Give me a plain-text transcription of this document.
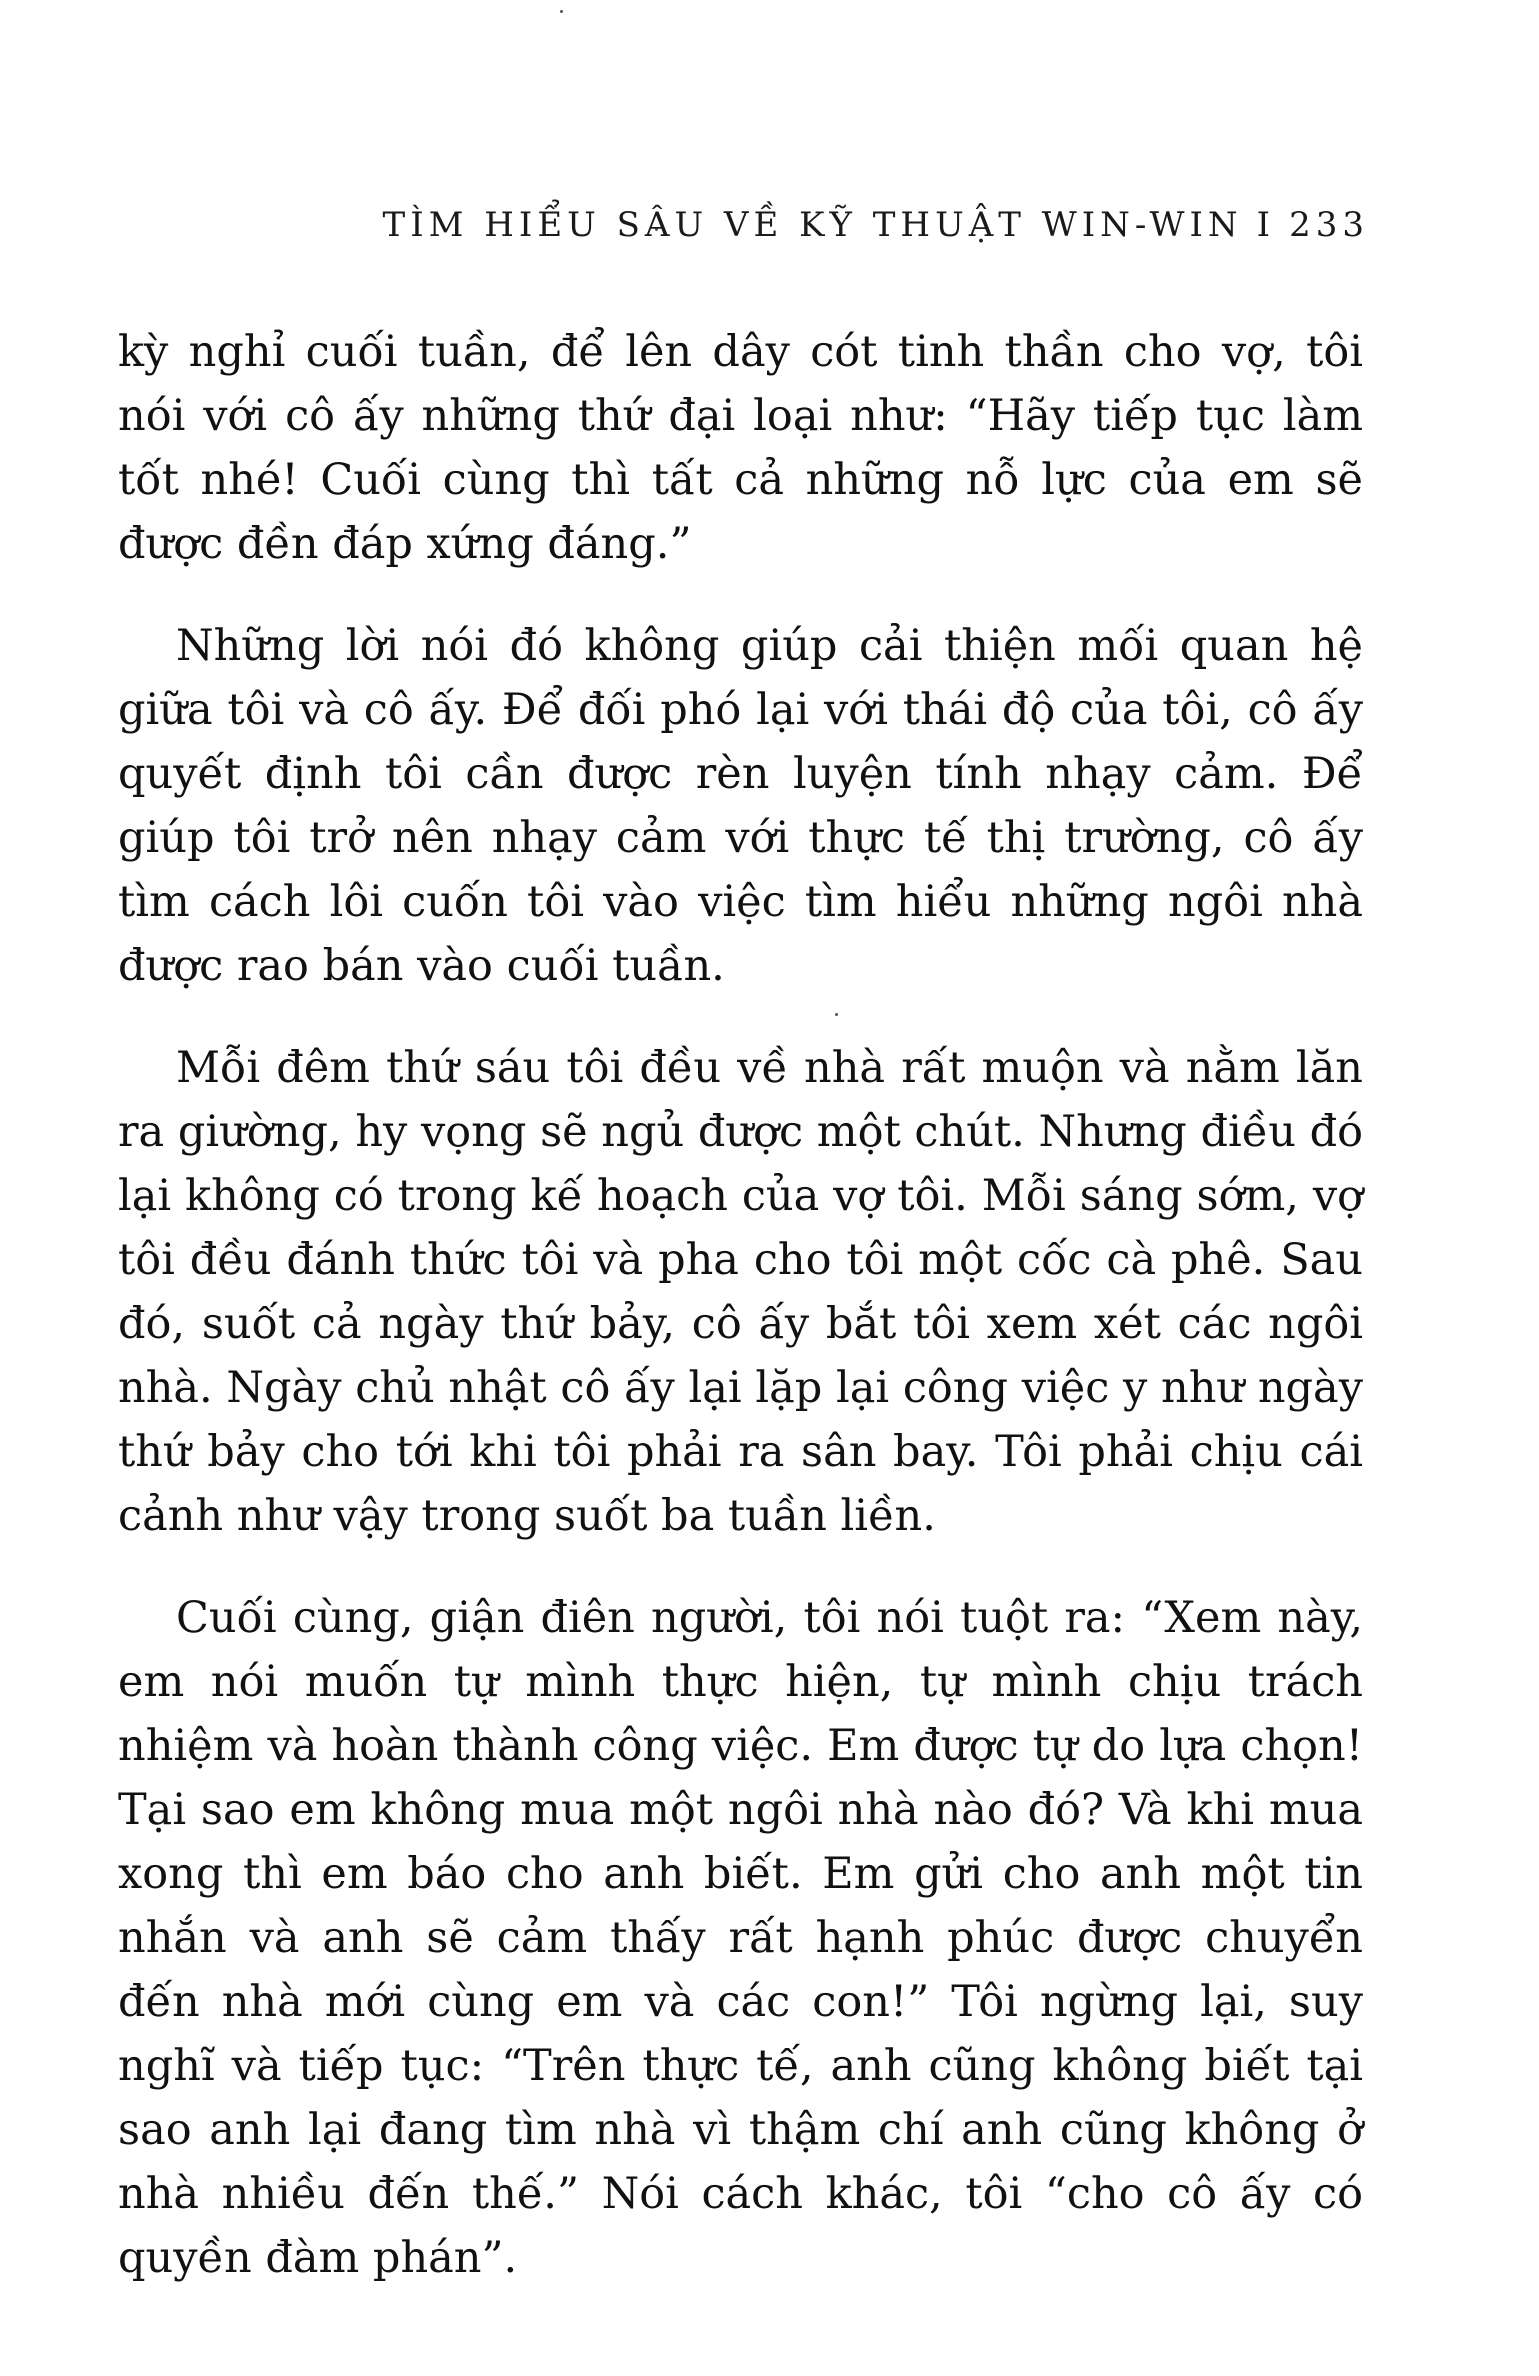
TÌM HIỂU SÂU VỀ KỸ THUẬT WIN-WIN I 233

kỳ nghỉ cuối tuần, để lên dây cót tinh thần cho vợ, tôi nói với cô ấy những thứ đại loại như: “Hãy tiếp tục làm tốt nhé! Cuối cùng thì tất cả những nỗ lực của em sẽ được đền đáp xứng đáng.”

Những lời nói đó không giúp cải thiện mối quan hệ giữa tôi và cô ấy. Để đối phó lại với thái độ của tôi, cô ấy quyết định tôi cần được rèn luyện tính nhạy cảm. Để giúp tôi trở nên nhạy cảm với thực tế thị trường, cô ấy tìm cách lôi cuốn tôi vào việc tìm hiểu những ngôi nhà được rao bán vào cuối tuần.

Mỗi đêm thứ sáu tôi đều về nhà rất muộn và nằm lăn ra giường, hy vọng sẽ ngủ được một chút. Nhưng điều đó lại không có trong kế hoạch của vợ tôi. Mỗi sáng sớm, vợ tôi đều đánh thức tôi và pha cho tôi một cốc cà phê. Sau đó, suốt cả ngày thứ bảy, cô ấy bắt tôi xem xét các ngôi nhà. Ngày chủ nhật cô ấy lại lặp lại công việc y như ngày thứ bảy cho tới khi tôi phải ra sân bay. Tôi phải chịu cái cảnh như vậy trong suốt ba tuần liền.

Cuối cùng, giận điên người, tôi nói tuột ra: “Xem này, em nói muốn tự mình thực hiện, tự mình chịu trách nhiệm và hoàn thành công việc. Em được tự do lựa chọn! Tại sao em không mua một ngôi nhà nào đó? Và khi mua xong thì em báo cho anh biết. Em gửi cho anh một tin nhắn và anh sẽ cảm thấy rất hạnh phúc được chuyển đến nhà mới cùng em và các con!” Tôi ngừng lại, suy nghĩ và tiếp tục: “Trên thực tế, anh cũng không biết tại sao anh lại đang tìm nhà vì thậm chí anh cũng không ở nhà nhiều đến thế.” Nói cách khác, tôi “cho cô ấy có quyền đàm phán”.
